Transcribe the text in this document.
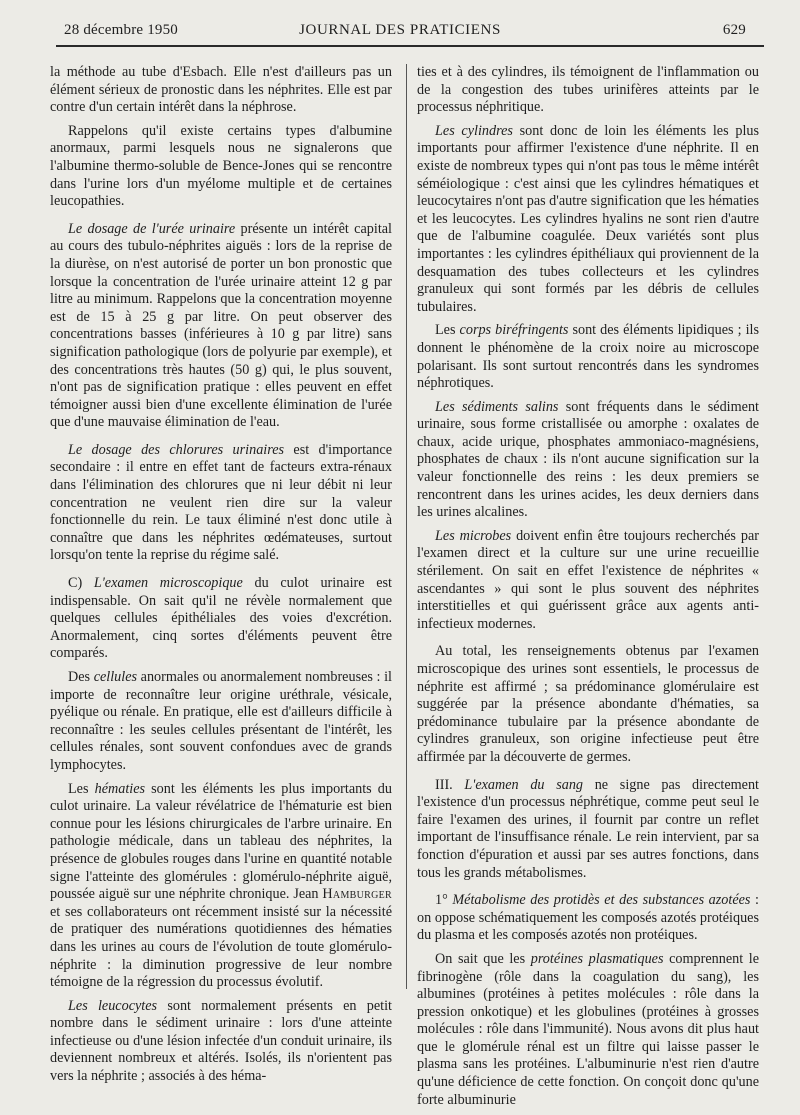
28 décembre 1950	JOURNAL DES PRATICIENS	629

la méthode au tube d'Esbach. Elle n'est d'ailleurs pas un élément sérieux de pronostic dans les néphrites. Elle est par contre d'un certain intérêt dans la néphrose.

Rappelons qu'il existe certains types d'albumine anormaux, parmi lesquels nous ne signalerons que l'albumine thermo-soluble de Bence-Jones qui se rencontre dans l'urine lors d'un myélome multiple et de certaines leucopathies.

Le dosage de l'urée urinaire présente un intérêt capital au cours des tubulo-néphrites aiguës : lors de la reprise de la diurèse, on n'est autorisé de porter un bon pronostic que lorsque la concentration de l'urée urinaire atteint 12 g par litre au minimum. Rappelons que la concentration moyenne est de 15 à 25 g par litre. On peut observer des concentrations basses (inférieures à 10 g par litre) sans signification pathologique (lors de polyurie par exemple), et des concentrations très hautes (50 g) qui, le plus souvent, n'ont pas de signification pratique : elles peuvent en effet témoigner aussi bien d'une excellente élimination de l'urée que d'une mauvaise élimination de l'eau.

Le dosage des chlorures urinaires est d'importance secondaire : il entre en effet tant de facteurs extra-rénaux dans l'élimination des chlorures que ni leur débit ni leur concentration ne veulent rien dire sur la valeur fonctionnelle du rein. Le taux éliminé n'est donc utile à connaître que dans les néphrites œdémateuses, surtout lorsqu'on tente la reprise du régime salé.

C) L'examen microscopique du culot urinaire est indispensable. On sait qu'il ne révèle normalement que quelques cellules épithéliales des voies d'excrétion. Anormalement, cinq sortes d'éléments peuvent être comparés.

Des cellules anormales ou anormalement nombreuses : il importe de reconnaître leur origine uréthrale, vésicale, pyélique ou rénale. En pratique, elle est d'ailleurs difficile à reconnaître : les seules cellules présentant de l'intérêt, les cellules rénales, sont souvent confondues avec de grands lymphocytes.

Les hématies sont les éléments les plus importants du culot urinaire. La valeur révélatrice de l'hématurie est bien connue pour les lésions chirurgicales de l'arbre urinaire. En pathologie médicale, dans un tableau des néphrites, la présence de globules rouges dans l'urine en quantité notable signe l'atteinte des glomérules : glomérulo-néphrite aiguë, poussée aiguë sur une néphrite chronique. Jean Hamburger et ses collaborateurs ont récemment insisté sur la nécessité de pratiquer des numérations quotidiennes des hématies dans les urines au cours de l'évolution de toute glomérulo-néphrite : la diminution progressive de leur nombre témoigne de la régression du processus évolutif.

Les leucocytes sont normalement présents en petit nombre dans le sédiment urinaire : lors d'une atteinte infectieuse ou d'une lésion infectée d'un conduit urinaire, ils deviennent nombreux et altérés. Isolés, ils n'orientent pas vers la néphrite ; associés à des héma-

ties et à des cylindres, ils témoignent de l'inflammation ou de la congestion des tubes urinifères atteints par le processus néphritique.

Les cylindres sont donc de loin les éléments les plus importants pour affirmer l'existence d'une néphrite. Il en existe de nombreux types qui n'ont pas tous le même intérêt séméiologique : c'est ainsi que les cylindres hématiques et leucocytaires n'ont pas d'autre signification que les hématies et les leucocytes. Les cylindres hyalins ne sont rien d'autre que de l'albumine coagulée. Deux variétés sont plus importantes : les cylindres épithéliaux qui proviennent de la desquamation des tubes collecteurs et les cylindres granuleux qui sont formés par les débris de cellules tubulaires.

Les corps biréfringents sont des éléments lipidiques ; ils donnent le phénomène de la croix noire au microscope polarisant. Ils sont surtout rencontrés dans les syndromes néphrotiques.

Les sédiments salins sont fréquents dans le sédiment urinaire, sous forme cristallisée ou amorphe : oxalates de chaux, acide urique, phosphates ammoniaco-magnésiens, phosphates de chaux : ils n'ont aucune signification sur la valeur fonctionnelle des reins : les deux premiers se rencontrent dans les urines acides, les deux derniers dans les urines alcalines.

Les microbes doivent enfin être toujours recherchés par l'examen direct et la culture sur une urine recueillie stérilement. On sait en effet l'existence de néphrites « ascendantes » qui sont le plus souvent des néphrites interstitielles et qui guérissent grâce aux agents anti-infectieux modernes.

Au total, les renseignements obtenus par l'examen microscopique des urines sont essentiels, le processus de néphrite est affirmé ; sa prédominance glomérulaire est suggérée par la présence abondante d'hématies, sa prédominance tubulaire par la présence abondante de cylindres granuleux, son origine infectieuse peut être affirmée par la découverte de germes.

III. L'examen du sang ne signe pas directement l'existence d'un processus néphrétique, comme peut seul le faire l'examen des urines, il fournit par contre un reflet important de l'insuffisance rénale. Le rein intervient, par sa fonction d'épuration et aussi par ses autres fonctions, dans tous les grands métabolismes.

1° Métabolisme des protidès et des substances azotées : on oppose schématiquement les composés azotés protéiques du plasma et les composés azotés non protéiques.

On sait que les protéines plasmatiques comprennent le fibrinogène (rôle dans la coagulation du sang), les albumines (protéines à petites molécules : rôle dans la pression onkotique) et les globulines (protéines à grosses molécules : rôle dans l'immunité). Nous avons dit plus haut que le glomérule rénal est un filtre qui laisse passer le plasma sans les protéines. L'albuminurie n'est rien d'autre qu'une déficience de cette fonction. On conçoit donc qu'une forte albuminurie
